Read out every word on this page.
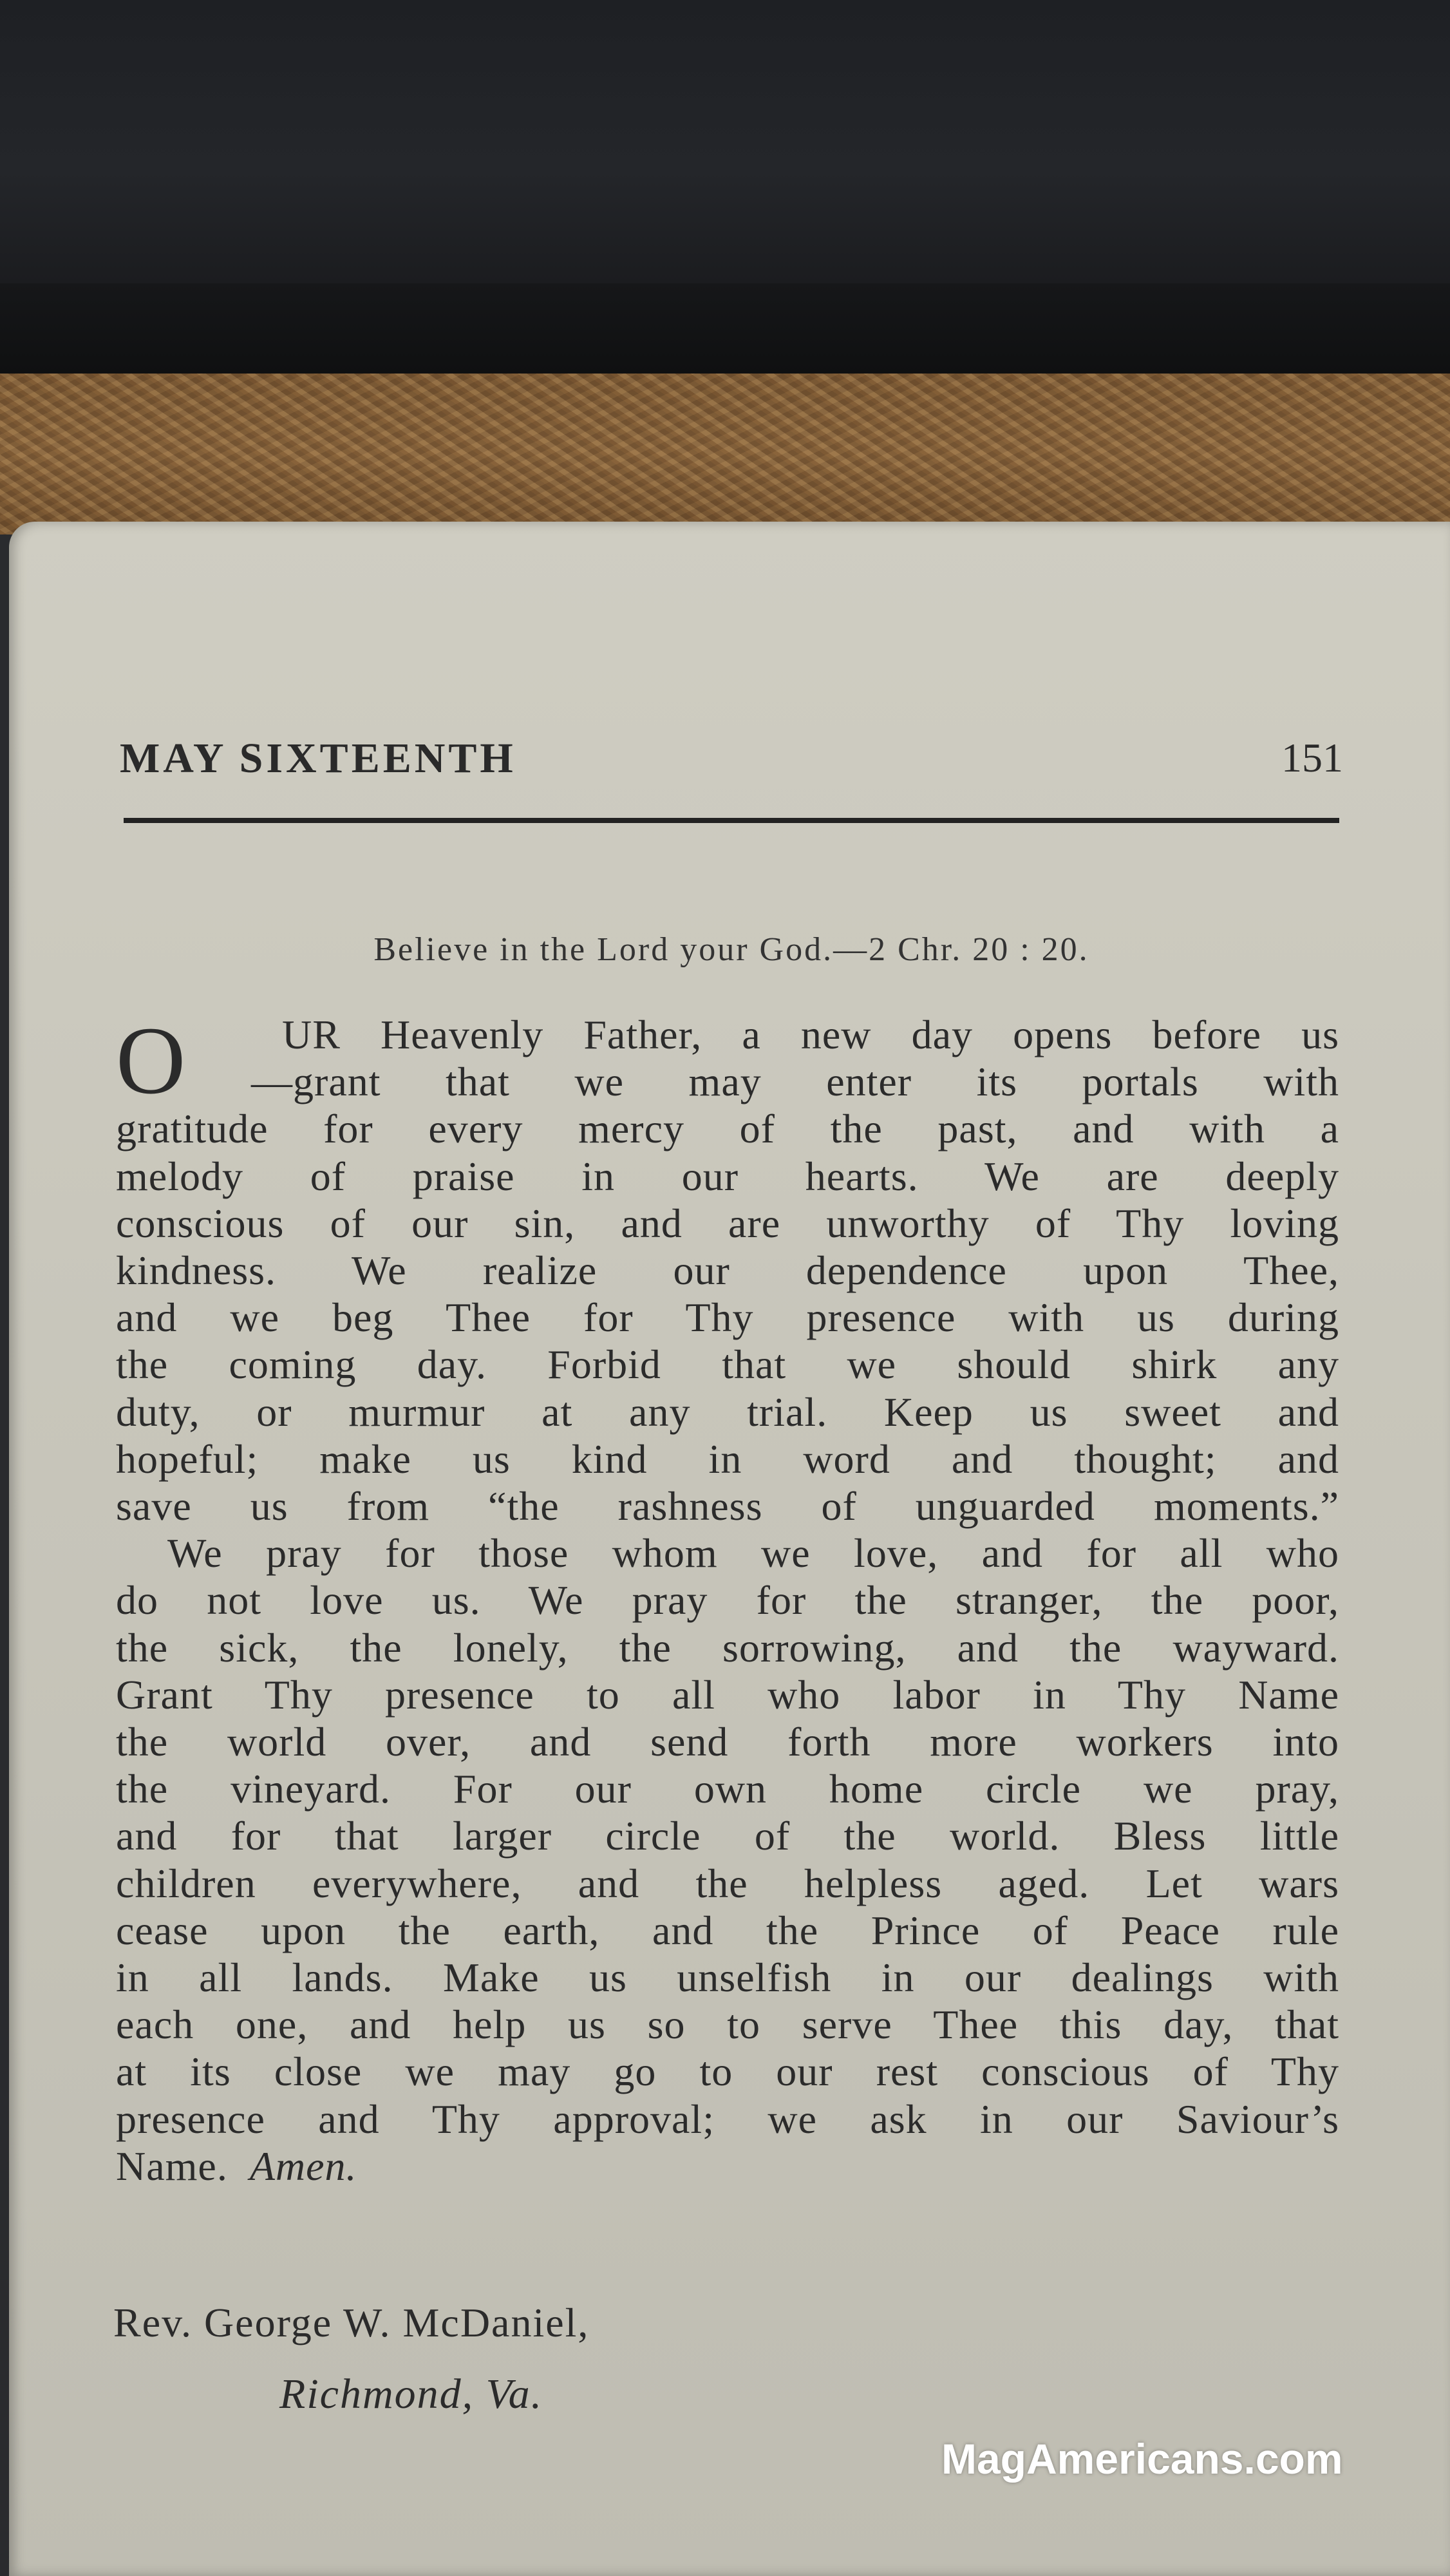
MAY SIXTEENTH	151
Believe in the Lord your God.—2 Chr. 20 : 20.
O	UR Heavenly Father, a new day opens before us
—grant that we may enter its portals with
gratitude for every mercy of the past, and with a
melody of praise in our hearts. We are deeply
conscious of our sin, and are unworthy of Thy loving
kindness. We realize our dependence upon Thee,
and we beg Thee for Thy presence with us during
the coming day. Forbid that we should shirk any
duty, or murmur at any trial. Keep us sweet and
hopeful; make us kind in word and thought; and
save us from “the rashness of unguarded moments.”
We pray for those whom we love, and for all who
do not love us. We pray for the stranger, the poor,
the sick, the lonely, the sorrowing, and the wayward.
Grant Thy presence to all who labor in Thy Name
the world over, and send forth more workers into
the vineyard. For our own home circle we pray,
and for that larger circle of the world. Bless little
children everywhere, and the helpless aged. Let wars
cease upon the earth, and the Prince of Peace rule
in all lands. Make us unselfish in our dealings with
each one, and help us so to serve Thee this day, that
at its close we may go to our rest conscious of Thy
presence and Thy approval; we ask in our Saviour’s
Name. Amen.
Rev. George W. McDaniel,
Richmond, Va.
MagAmericans.com
